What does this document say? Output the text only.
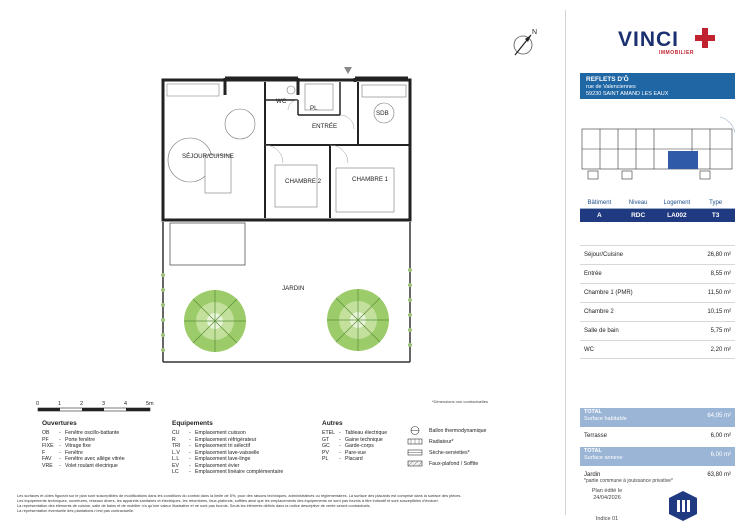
N
SÉJOUR/CUISINE
ENTRÉE
CHAMBRE 2	CHAMBRE 1
SDB
WC
PL
JARDIN
0	1	2	3	4	5m	*Dimensions non contractuelles
VINCI
IMMOBILIER
REFLETS D'Ô
rue de Valenciennes
59230 SAINT AMAND LES EAUX
Bâtiment	Niveau	Logement	Type
A	RDC	LA002	T3
Séjour/Cuisine	26,80 m²
Entrée	8,55 m²
Chambre 1 (PMR)	11,50 m²
Chambre 2	10,15 m²
Salle de bain	5,75 m²
WC	2,20 m²
TOTAL
Surface habitable	64,95 m²
Terrasse	6,00 m²
TOTAL
Surface annexe	6,00 m²
Jardin	63,80 m²
*partie commune à jouissance privative*
Plan édité le
24/04/2026
Indice 01
Ouvertures
OB - Fenêtre oscillo-battante
PF - Porte fenêtre
FIXE - Vitrage fixe
F	- Fenêtre
FAV - Fenêtre avec allège vitrée
VRE - Volet roulant électrique
Equipements
CU - Emplacement cuisson
R	- Emplacement réfrigérateur
TRI - Emplacement tri sélectif
L.V - Emplacement lave-vaisselle
L.L - Emplacement lave-linge
EV - Emplacement évier
LC - Emplacement linéaire complémentaire
Autres
ETEL - Tableau électrique
GT - Gaine technique
GC - Garde-corps
PV - Pare-vue
PL - Placard
Ballon thermodynamique
Radiateur*
Sèche-serviettes*
Faux-plafond / Soffite
Les surfaces et côtes figurant sur le plan sont susceptibles de modifications dans les conditions du contrat dans la limite de 5%, pour des raisons techniques, administratives ou réglementaires. La surface des placards est comprise dans la surface des pièces.
Les équipements techniques, ouvertures, réseaux divers, les appareils sanitaires et électriques, les retombées, faux-plafonds, soffites ainsi que les emplacements des équipements ne sont pas fournis à titre indicatif et sont susceptibles d'évoluer.
La représentation des éléments de cuisine, salle de bains et de mobilier n'a qu'une valeur illustrative et ne sont pas fournis. Seuls les éléments définis dans la notice descriptive de vente seront contractuels.
La représentation éventuelle des plantations n'est pas contractuelle.
